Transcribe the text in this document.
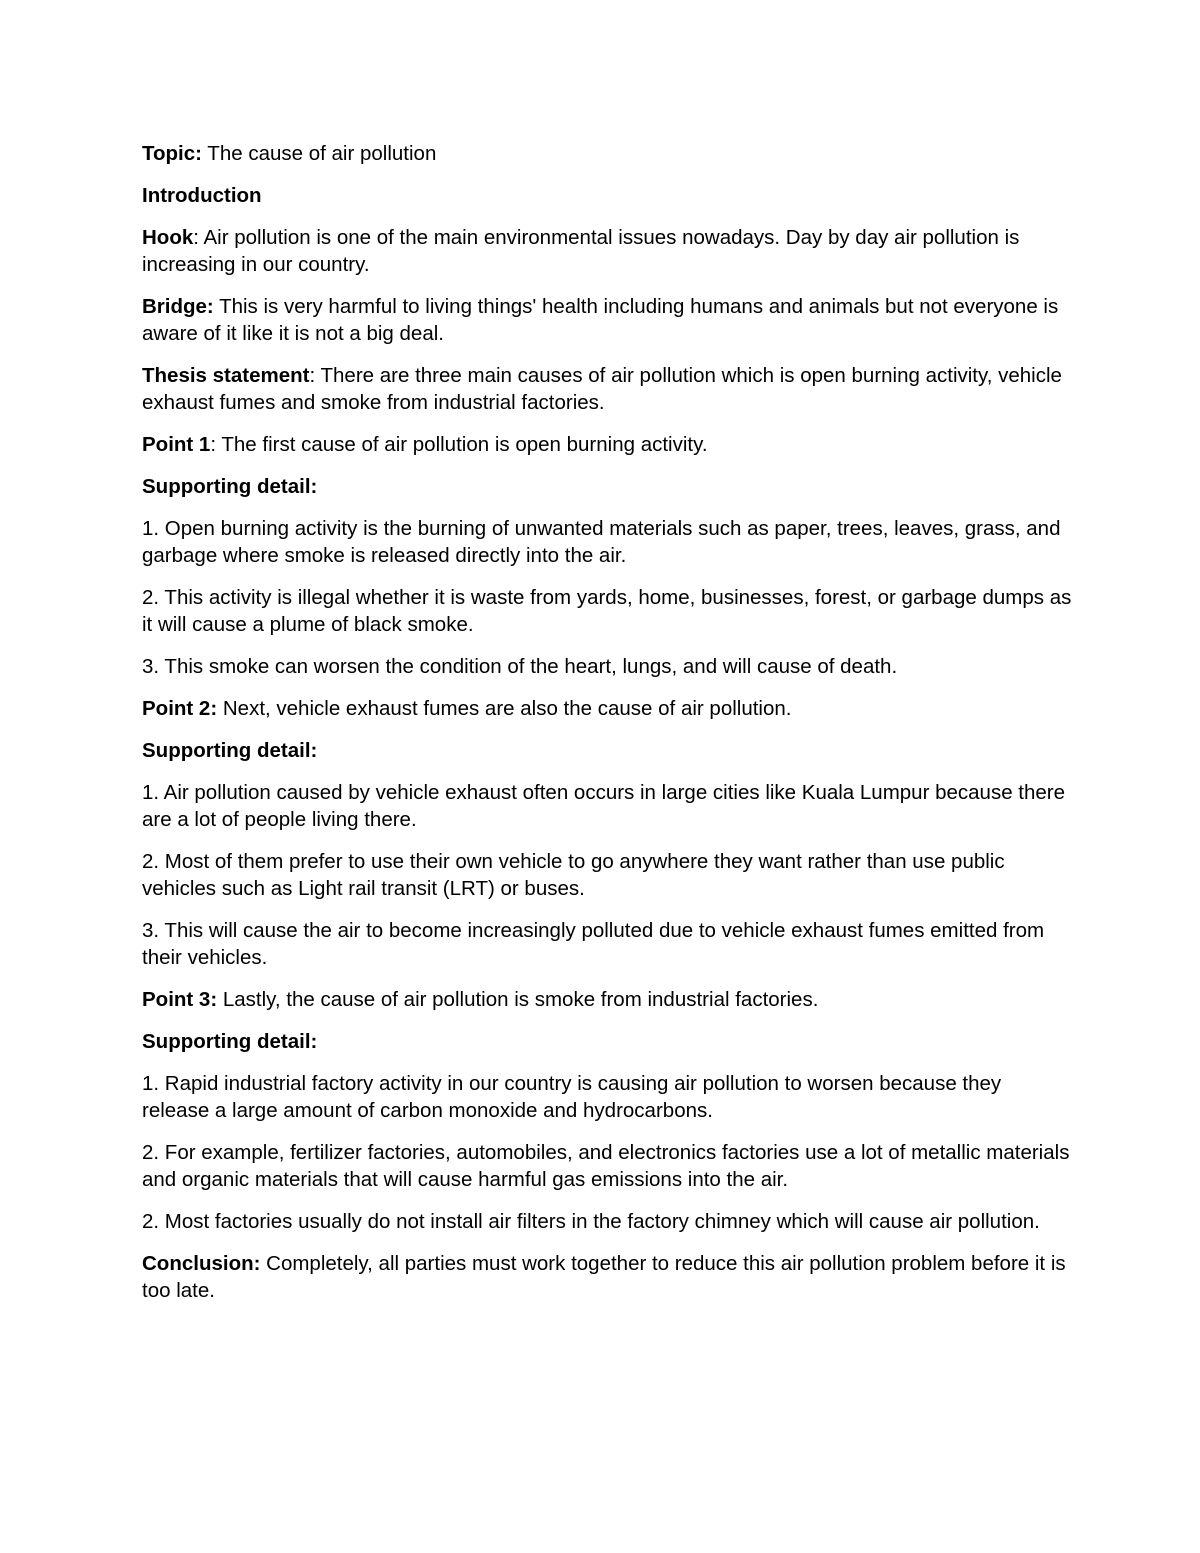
Topic: The cause of air pollution

Introduction

Hook: Air pollution is one of the main environmental issues nowadays. Day by day air pollution is increasing in our country.

Bridge: This is very harmful to living things' health including humans and animals but not everyone is aware of it like it is not a big deal.

Thesis statement: There are three main causes of air pollution which is open burning activity, vehicle exhaust fumes and smoke from industrial factories.

Point 1: The first cause of air pollution is open burning activity.

Supporting detail:

1. Open burning activity is the burning of unwanted materials such as paper, trees, leaves, grass, and garbage where smoke is released directly into the air.

2. This activity is illegal whether it is waste from yards, home, businesses, forest, or garbage dumps as it will cause a plume of black smoke.

3. This smoke can worsen the condition of the heart, lungs, and will cause of death.

Point 2: Next, vehicle exhaust fumes are also the cause of air pollution.

Supporting detail:

1. Air pollution caused by vehicle exhaust often occurs in large cities like Kuala Lumpur because there are a lot of people living there.

2. Most of them prefer to use their own vehicle to go anywhere they want rather than use public vehicles such as Light rail transit (LRT) or buses.

3. This will cause the air to become increasingly polluted due to vehicle exhaust fumes emitted from their vehicles.

Point 3: Lastly, the cause of air pollution is smoke from industrial factories.

Supporting detail:

1. Rapid industrial factory activity in our country is causing air pollution to worsen because they release a large amount of carbon monoxide and hydrocarbons.

2. For example, fertilizer factories, automobiles, and electronics factories use a lot of metallic materials and organic materials that will cause harmful gas emissions into the air.

2. Most factories usually do not install air filters in the factory chimney which will cause air pollution.

Conclusion: Completely, all parties must work together to reduce this air pollution problem before it is too late.
